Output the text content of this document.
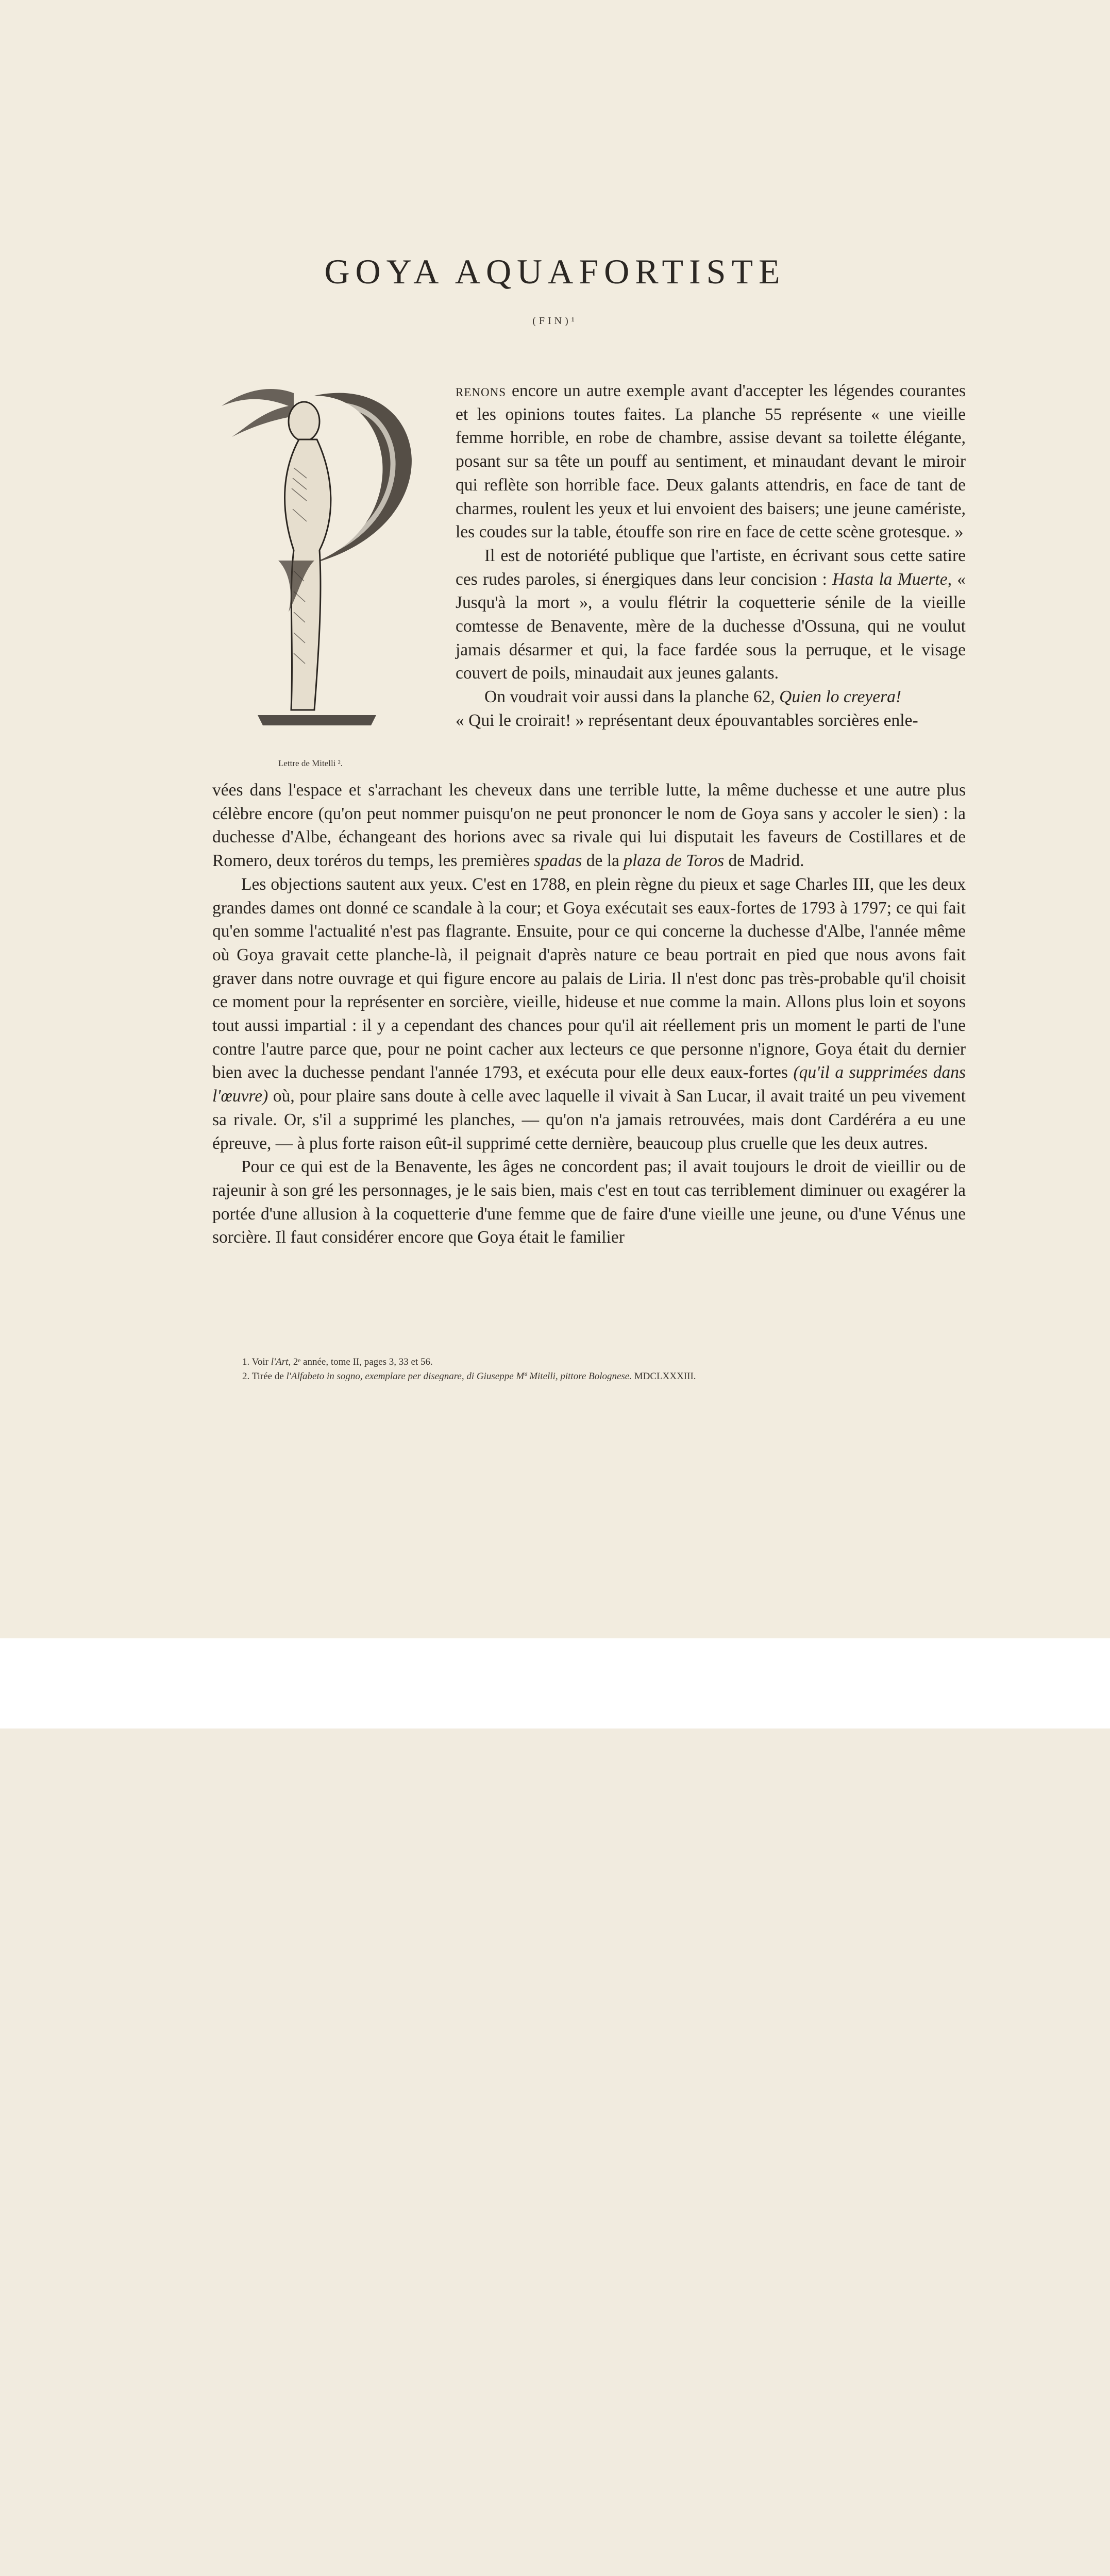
GOYA AQUAFORTISTE
(FIN)¹
Lettre de Mitelli ².

renons encore un autre exemple avant d'accepter les légendes courantes et les opinions toutes faites. La planche 55 représente « une vieille femme horrible, en robe de chambre, assise devant sa toilette élégante, posant sur sa tête un pouff au sentiment, et minaudant devant le miroir qui reflète son horrible face. Deux galants attendris, en face de tant de charmes, roulent les yeux et lui envoient des baisers; une jeune camériste, les coudes sur la table, étouffe son rire en face de cette scène grotesque. »

Il est de notoriété publique que l'artiste, en écrivant sous cette satire ces rudes paroles, si énergiques dans leur concision : Hasta la Muerte, « Jusqu'à la mort », a voulu flétrir la coquetterie sénile de la vieille comtesse de Benavente, mère de la duchesse d'Ossuna, qui ne voulut jamais désarmer et qui, la face fardée sous la perruque, et le visage couvert de poils, minaudait aux jeunes galants.

On voudrait voir aussi dans la planche 62, Quien lo creyera!
« Qui le croirait! » représentant deux épouvantables sorcières enle-

vées dans l'espace et s'arrachant les cheveux dans une terrible lutte, la même duchesse et une autre plus célèbre encore (qu'on peut nommer puisqu'on ne peut prononcer le nom de Goya sans y accoler le sien) : la duchesse d'Albe, échangeant des horions avec sa rivale qui lui disputait les faveurs de Costillares et de Romero, deux toréros du temps, les premières spadas de la plaza de Toros de Madrid.

Les objections sautent aux yeux. C'est en 1788, en plein règne du pieux et sage Charles III, que les deux grandes dames ont donné ce scandale à la cour; et Goya exécutait ses eaux-fortes de 1793 à 1797; ce qui fait qu'en somme l'actualité n'est pas flagrante. Ensuite, pour ce qui concerne la duchesse d'Albe, l'année même où Goya gravait cette planche-là, il peignait d'après nature ce beau portrait en pied que nous avons fait graver dans notre ouvrage et qui figure encore au palais de Liria. Il n'est donc pas très-probable qu'il choisit ce moment pour la représenter en sorcière, vieille, hideuse et nue comme la main. Allons plus loin et soyons tout aussi impartial : il y a cependant des chances pour qu'il ait réellement pris un moment le parti de l'une contre l'autre parce que, pour ne point cacher aux lecteurs ce que personne n'ignore, Goya était du dernier bien avec la duchesse pendant l'année 1793, et exécuta pour elle deux eaux-fortes (qu'il a supprimées dans l'œuvre) où, pour plaire sans doute à celle avec laquelle il vivait à San Lucar, il avait traité un peu vivement sa rivale. Or, s'il a supprimé les planches, — qu'on n'a jamais retrouvées, mais dont Cardéréra a eu une épreuve, — à plus forte raison eût-il supprimé cette dernière, beaucoup plus cruelle que les deux autres.

Pour ce qui est de la Benavente, les âges ne concordent pas; il avait toujours le droit de vieillir ou de rajeunir à son gré les personnages, je le sais bien, mais c'est en tout cas terriblement diminuer ou exagérer la portée d'une allusion à la coquetterie d'une femme que de faire d'une vieille une jeune, ou d'une Vénus une sorcière. Il faut considérer encore que Goya était le familier

1. Voir l'Art, 2ᵉ année, tome II, pages 3, 33 et 56.
2. Tirée de l'Alfabeto in sogno, exemplare per disegnare, di Giuseppe Mª Mitelli, pittore Bolognese. MDCLXXXIII.
